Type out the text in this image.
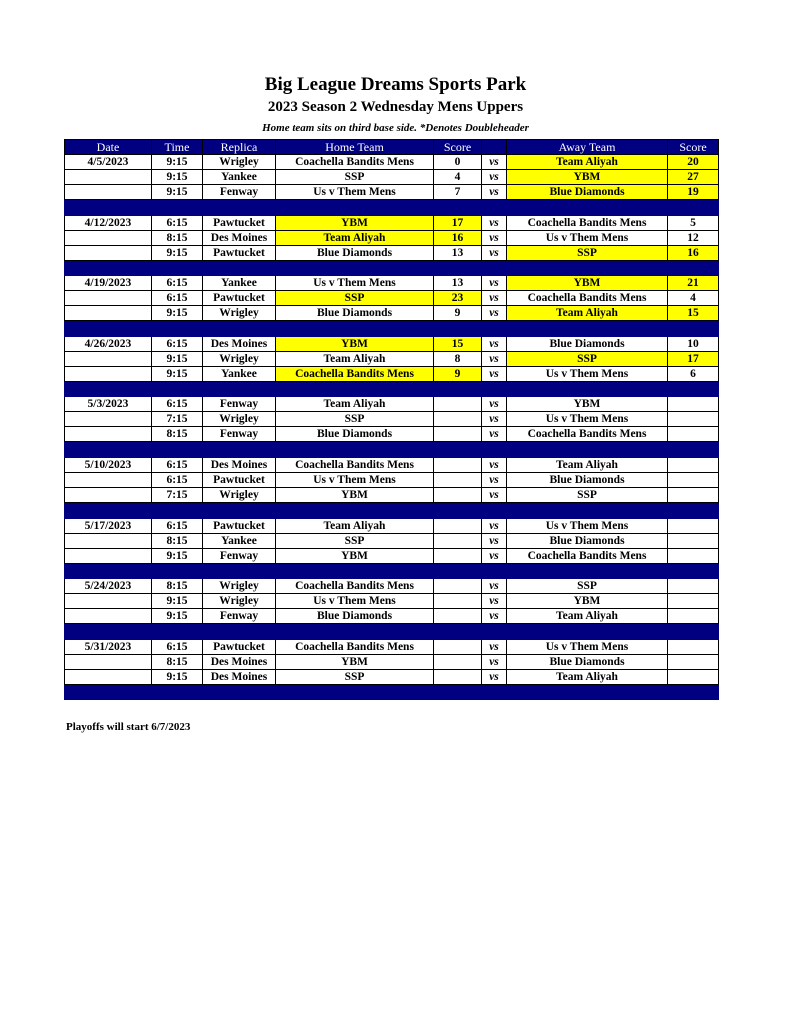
Big League Dreams Sports Park
2023 Season 2 Wednesday Mens Uppers
Home team sits on third base side. *Denotes Doubleheader
Date	Time	Replica	Home Team	Score		Away Team	Score
4/5/2023	9:15	Wrigley	Coachella Bandits Mens	0	vs	Team Aliyah	20
	9:15	Yankee	SSP	4	vs	YBM	27
	9:15	Fenway	Us v Them Mens	7	vs	Blue Diamonds	19

4/12/2023	6:15	Pawtucket	YBM	17	vs	Coachella Bandits Mens	5
	8:15	Des Moines	Team Aliyah	16	vs	Us v Them Mens	12
	9:15	Pawtucket	Blue Diamonds	13	vs	SSP	16

4/19/2023	6:15	Yankee	Us v Them Mens	13	vs	YBM	21
	6:15	Pawtucket	SSP	23	vs	Coachella Bandits Mens	4
	9:15	Wrigley	Blue Diamonds	9	vs	Team Aliyah	15

4/26/2023	6:15	Des Moines	YBM	15	vs	Blue Diamonds	10
	9:15	Wrigley	Team Aliyah	8	vs	SSP	17
	9:15	Yankee	Coachella Bandits Mens	9	vs	Us v Them Mens	6

5/3/2023	6:15	Fenway	Team Aliyah		vs	YBM	
	7:15	Wrigley	SSP		vs	Us v Them Mens	
	8:15	Fenway	Blue Diamonds		vs	Coachella Bandits Mens	

5/10/2023	6:15	Des Moines	Coachella Bandits Mens		vs	Team Aliyah	
	6:15	Pawtucket	Us v Them Mens		vs	Blue Diamonds	
	7:15	Wrigley	YBM		vs	SSP	

5/17/2023	6:15	Pawtucket	Team Aliyah		vs	Us v Them Mens	
	8:15	Yankee	SSP		vs	Blue Diamonds	
	9:15	Fenway	YBM		vs	Coachella Bandits Mens	

5/24/2023	8:15	Wrigley	Coachella Bandits Mens		vs	SSP	
	9:15	Wrigley	Us v Them Mens		vs	YBM	
	9:15	Fenway	Blue Diamonds		vs	Team Aliyah	

5/31/2023	6:15	Pawtucket	Coachella Bandits Mens		vs	Us v Them Mens	
	8:15	Des Moines	YBM		vs	Blue Diamonds	
	9:15	Des Moines	SSP		vs	Team Aliyah	

Playoffs will start 6/7/2023
